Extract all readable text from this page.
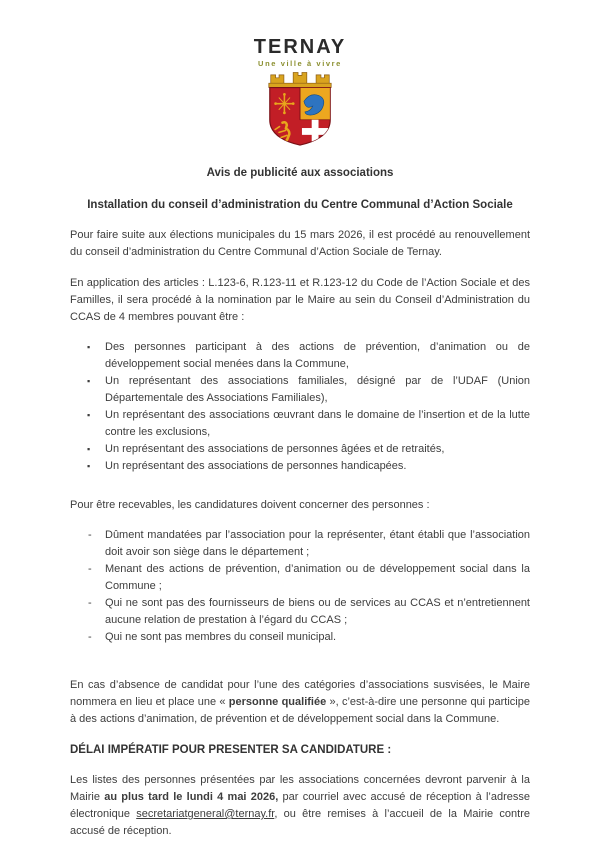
TERNAY
Une ville à vivre
Avis de publicité aux associations
Installation du conseil d’administration du Centre Communal d’Action Sociale

Pour faire suite aux élections municipales du 15 mars 2026, il est procédé au renouvellement du conseil d’administration du Centre Communal d’Action Sociale de Ternay.

En application des articles : L.123-6, R.123-11 et R.123-12 du Code de l’Action Sociale et des Familles, il sera procédé à la nomination par le Maire au sein du Conseil d’Administration du CCAS de 4 membres pouvant être :

▪ Des personnes participant à des actions de prévention, d’animation ou de développement social menées dans la Commune,
▪ Un représentant des associations familiales, désigné par de l’UDAF (Union Départementale des Associations Familiales),
▪ Un représentant des associations œuvrant dans le domaine de l’insertion et de la lutte contre les exclusions,
▪ Un représentant des associations de personnes âgées et de retraités,
▪ Un représentant des associations de personnes handicapées.

Pour être recevables, les candidatures doivent concerner des personnes :

- Dûment mandatées par l’association pour la représenter, étant établi que l’association doit avoir son siège dans le département ;
- Menant des actions de prévention, d’animation ou de développement social dans la Commune ;
- Qui ne sont pas des fournisseurs de biens ou de services au CCAS et n’entretiennent aucune relation de prestation à l’égard du CCAS ;
- Qui ne sont pas membres du conseil municipal.

En cas d’absence de candidat pour l’une des catégories d’associations susvisées, le Maire nommera en lieu et place une « personne qualifiée », c’est-à-dire une personne qui participe à des actions d’animation, de prévention et de développement social dans la Commune.

DÉLAI IMPÉRATIF POUR PRESENTER SA CANDIDATURE :

Les listes des personnes présentées par les associations concernées devront parvenir à la Mairie au plus tard le lundi 4 mai 2026, par courriel avec accusé de réception à l’adresse électronique secretariatgeneral@ternay.fr, ou être remises à l’accueil de la Mairie contre accusé de réception.
